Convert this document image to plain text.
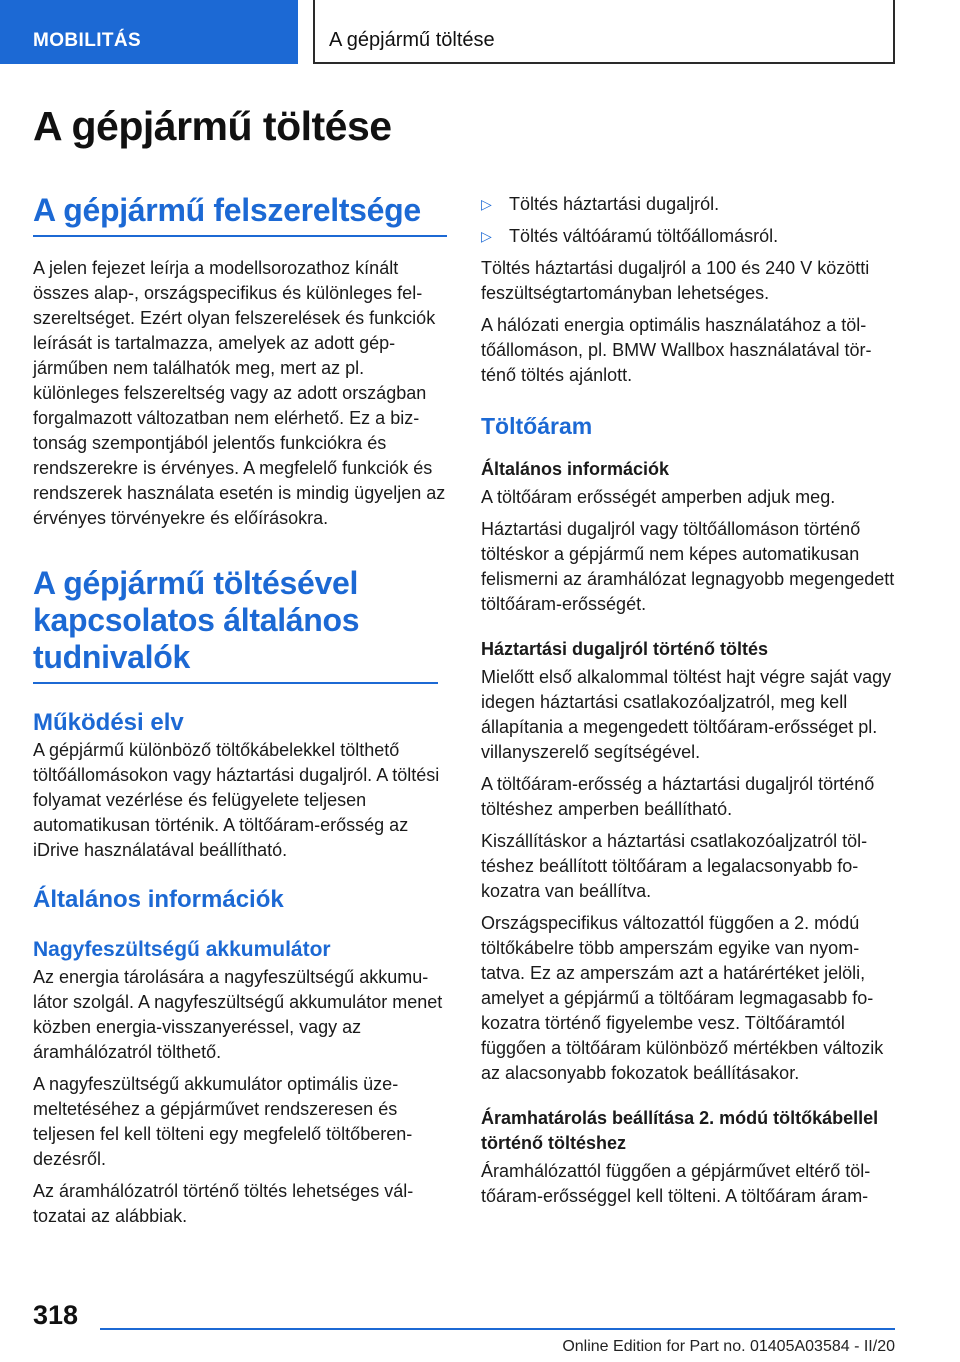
MOBILITÁS	A gépjármű töltése
A gépjármű töltése
A gépjármű felszereltsége

A jelen fejezet leírja a modellsorozathoz kínált összes alap-, országspecifikus és különleges felszereltséget. Ezért olyan felszerelések és funkciók leírását is tartalmazza, amelyek az adott gépjárműben nem találhatók meg, mert az pl. különleges felszereltség vagy az adott országban forgalmazott változatban nem elérhető. Ez a biztonság szempontjából jelentős funkciókra és rendszerekre is érvényes. A megfelelő funkciók és rendszerek használata esetén is mindig ügyeljen az érvényes törvényekre és előírásokra.

A gépjármű töltésével kapcsolatos általános tudnivalók
Működési elv

A gépjármű különböző töltőkábelekkel tölthető töltőállomásokon vagy háztartási dugaljról. A töltési folyamat vezérlése és felügyelete teljesen automatikusan történik. A töltőáram-erősség az iDrive használatával beállítható.

Általános információk
Nagyfeszültségű akkumulátor

Az energia tárolására a nagyfeszültségű akkumulátor szolgál. A nagyfeszültségű akkumulátor menet közben energia-visszanyeréssel, vagy az áramhálózatról tölthető.

A nagyfeszültségű akkumulátor optimális üzemeltetéséhez a gépjárművet rendszeresen és teljesen fel kell tölteni egy megfelelő töltőberendezésről.

Az áramhálózatról történő töltés lehetséges változatai az alábbiak.

▷ Töltés háztartási dugaljról.
▷ Töltés váltóáramú töltőállomásról.

Töltés háztartási dugaljról a 100 és 240 V közötti feszültségtartományban lehetséges.

A hálózati energia optimális használatához a töltőállomáson, pl. BMW Wallbox használatával történő töltés ajánlott.

Töltőáram
Általános információk

A töltőáram erősségét amperben adjuk meg.

Háztartási dugaljról vagy töltőállomáson történő töltéskor a gépjármű nem képes automatikusan felismerni az áramhálózat legnagyobb megengedett töltőáram-erősségét.

Háztartási dugaljról történő töltés

Mielőtt első alkalommal töltést hajt végre saját vagy idegen háztartási csatlakozóaljzatról, meg kell állapítania a megengedett töltőáram-erősséget pl. villanyszerelő segítségével.

A töltőáram-erősség a háztartási dugaljról történő töltéshez amperben beállítható.

Kiszállításkor a háztartási csatlakozóaljzatról töltéshez beállított töltőáram a legalacsonyabb fokozatra van beállítva.

Országspecifikus változattól függően a 2. módú töltőkábelre több amperszám egyike van nyomtatva. Ez az amperszám azt a határértéket jelöli, amelyet a gépjármű a töltőáram legmagasabb fokozatra történő figyelembe vesz. Töltőáramtól függően a töltőáram különböző mértékben változik az alacsonyabb fokozatok beállításakor.

Áramhatárolás beállítása 2. módú töltőkábellel történő töltéshez

Áramhálózattól függően a gépjárművet eltérő töltőáram-erősséggel kell tölteni. A töltőáram áram-

318
Online Edition for Part no. 01405A03584 - II/20
